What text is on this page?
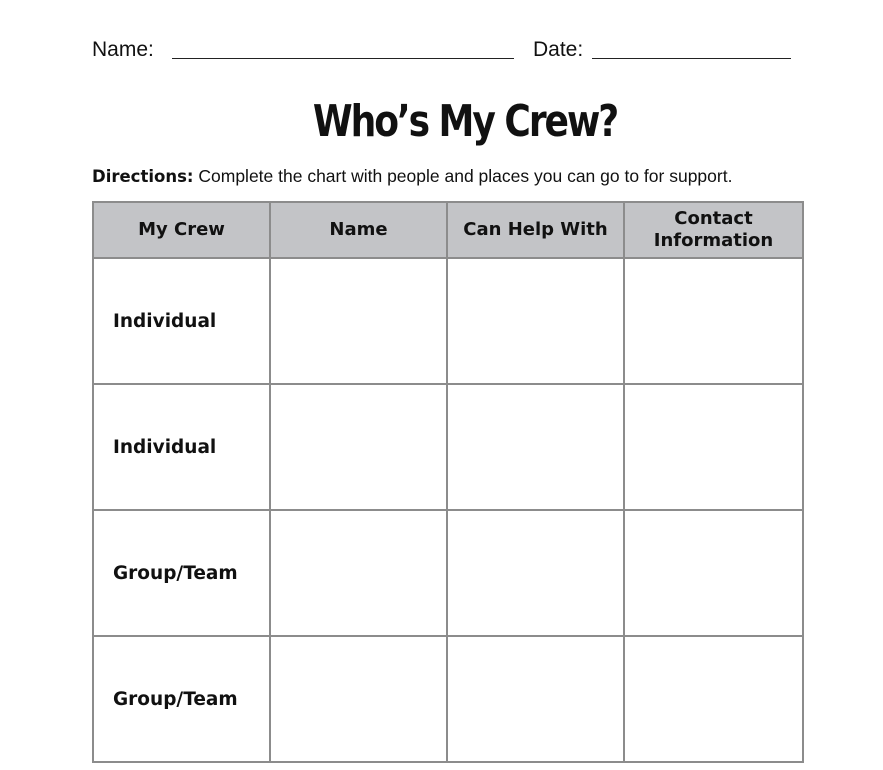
Name:	Date:
Who’s My Crew?
Directions: Complete the chart with people and places you can go to for support.
My Crew	Name	Can Help With	Contact Information
Individual			
Individual			
Group/Team			
Group/Team			
